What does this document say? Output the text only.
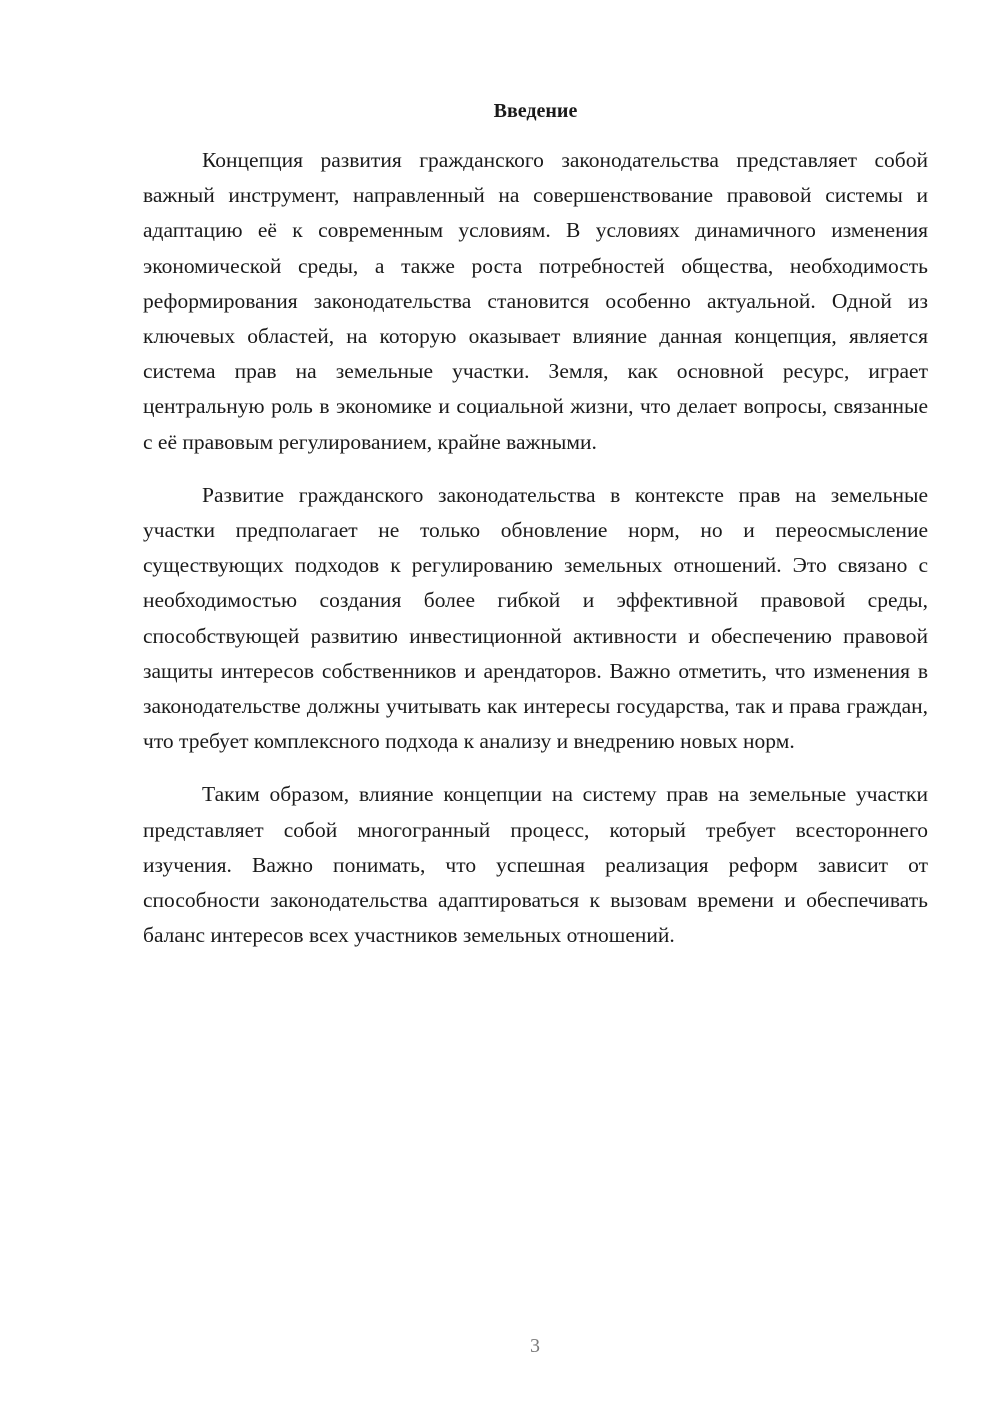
Введение

Концепция развития гражданского законодательства представляет собой важный инструмент, направленный на совершенствование правовой системы и адаптацию её к современным условиям. В условиях динамичного изменения экономической среды, а также роста потребностей общества, необходимость реформирования законодательства становится особенно актуальной. Одной из ключевых областей, на которую оказывает влияние данная концепция, является система прав на земельные участки. Земля, как основной ресурс, играет центральную роль в экономике и социальной жизни, что делает вопросы, связанные с её правовым регулированием, крайне важными.

Развитие гражданского законодательства в контексте прав на земельные участки предполагает не только обновление норм, но и переосмысление существующих подходов к регулированию земельных отношений. Это связано с необходимостью создания более гибкой и эффективной правовой среды, способствующей развитию инвестиционной активности и обеспечению правовой защиты интересов собственников и арендаторов. Важно отметить, что изменения в законодательстве должны учитывать как интересы государства, так и права граждан, что требует комплексного подхода к анализу и внедрению новых норм.

Таким образом, влияние концепции на систему прав на земельные участки представляет собой многогранный процесс, который требует всестороннего изучения. Важно понимать, что успешная реализация реформ зависит от способности законодательства адаптироваться к вызовам времени и обеспечивать баланс интересов всех участников земельных отношений.

3
